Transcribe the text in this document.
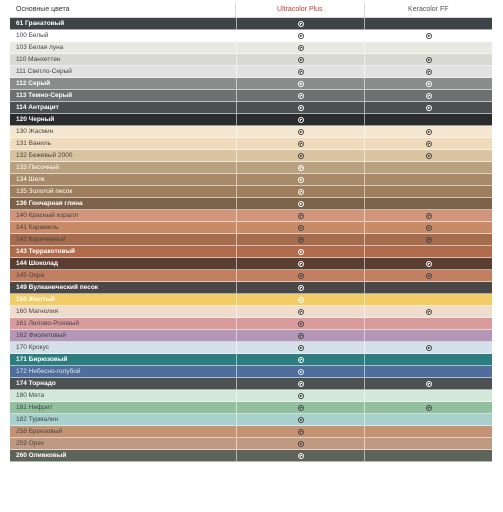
Основные цвета	Ultracolor Plus	Keracolor FF
61 Гранатовый
100 Белый
103 Белая луна
110 Манхеттен
111 Светло-Серый
112 Серый
113 Темно-Серый
114 Антрацит
120 Черный
130 Жасмин
131 Ваниль
132 Бежевый 2000
133 Песочный
134 Шелк
135 Золотой песок
136 Гончарная глина
140 Красный коралл
141 Карамель
142 Коричневый
143 Терракотовый
144 Шоколад
145 Охра
149 Вулканический песок
150 Желтый
160 Магнолия
161 Лилово-Розовый
162 Фиолетовый
170 Крокус
171 Бирюзовый
172 Небесно-голубой
174 Торнадо
180 Мята
181 Нефрит
182 Турмалин
258 Бронзовый
259 Орех
260 Оливковый
